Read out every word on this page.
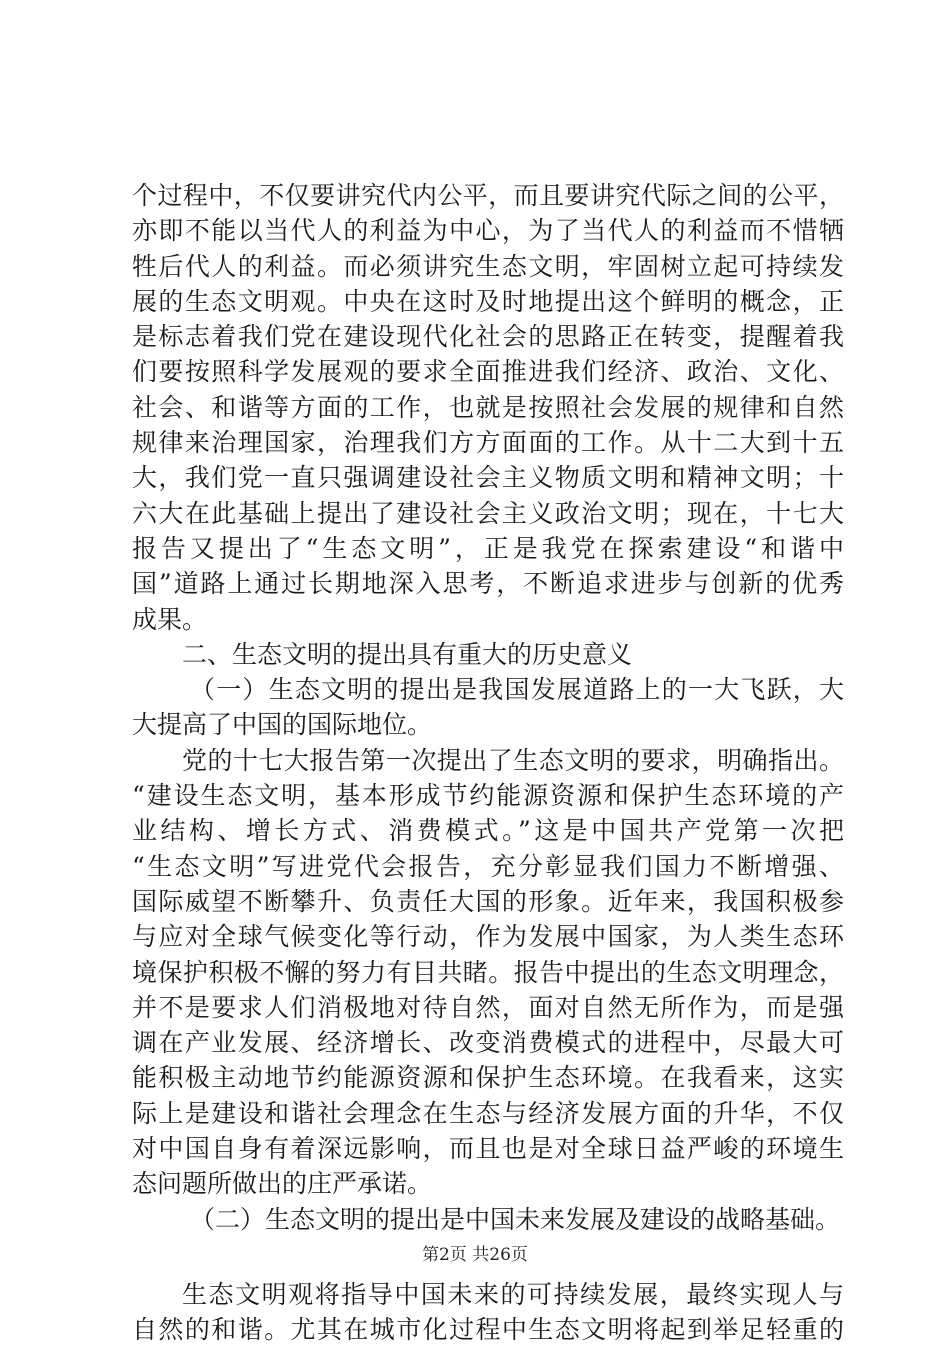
个过程中，不仅要讲究代内公平，而且要讲究代际之间的公平，
亦即不能以当代人的利益为中心，为了当代人的利益而不惜牺
牲后代人的利益。而必须讲究生态文明，牢固树立起可持续发
展的生态文明观。中央在这时及时地提出这个鲜明的概念，正
是标志着我们党在建设现代化社会的思路正在转变，提醒着我
们要按照科学发展观的要求全面推进我们经济、政治、文化、
社会、和谐等方面的工作，也就是按照社会发展的规律和自然
规律来治理国家，治理我们方方面面的工作。从十二大到十五
大，我们党一直只强调建设社会主义物质文明和精神文明；十
六大在此基础上提出了建设社会主义政治文明；现在，十七大
报告又提出了“生态文明”，正是我党在探索建设“和谐中
国”道路上通过长期地深入思考，不断追求进步与创新的优秀
成果。
二、生态文明的提出具有重大的历史意义
（一）生态文明的提出是我国发展道路上的一大飞跃，大
大提高了中国的国际地位。
党的十七大报告第一次提出了生态文明的要求，明确指出。
“建设生态文明，基本形成节约能源资源和保护生态环境的产
业结构、增长方式、消费模式。”这是中国共产党第一次把
“生态文明”写进党代会报告，充分彰显我们国力不断增强、
国际威望不断攀升、负责任大国的形象。近年来，我国积极参
与应对全球气候变化等行动，作为发展中国家，为人类生态环
境保护积极不懈的努力有目共睹。报告中提出的生态文明理念，
并不是要求人们消极地对待自然，面对自然无所作为，而是强
调在产业发展、经济增长、改变消费模式的进程中，尽最大可
能积极主动地节约能源资源和保护生态环境。在我看来，这实
际上是建设和谐社会理念在生态与经济发展方面的升华，不仅
对中国自身有着深远影响，而且也是对全球日益严峻的环境生
态问题所做出的庄严承诺。
（二）生态文明的提出是中国未来发展及建设的战略基础。
生态文明观将指导中国未来的可持续发展，最终实现人与
自然的和谐。尤其在城市化过程中生态文明将起到举足轻重的
第2页 共26页
